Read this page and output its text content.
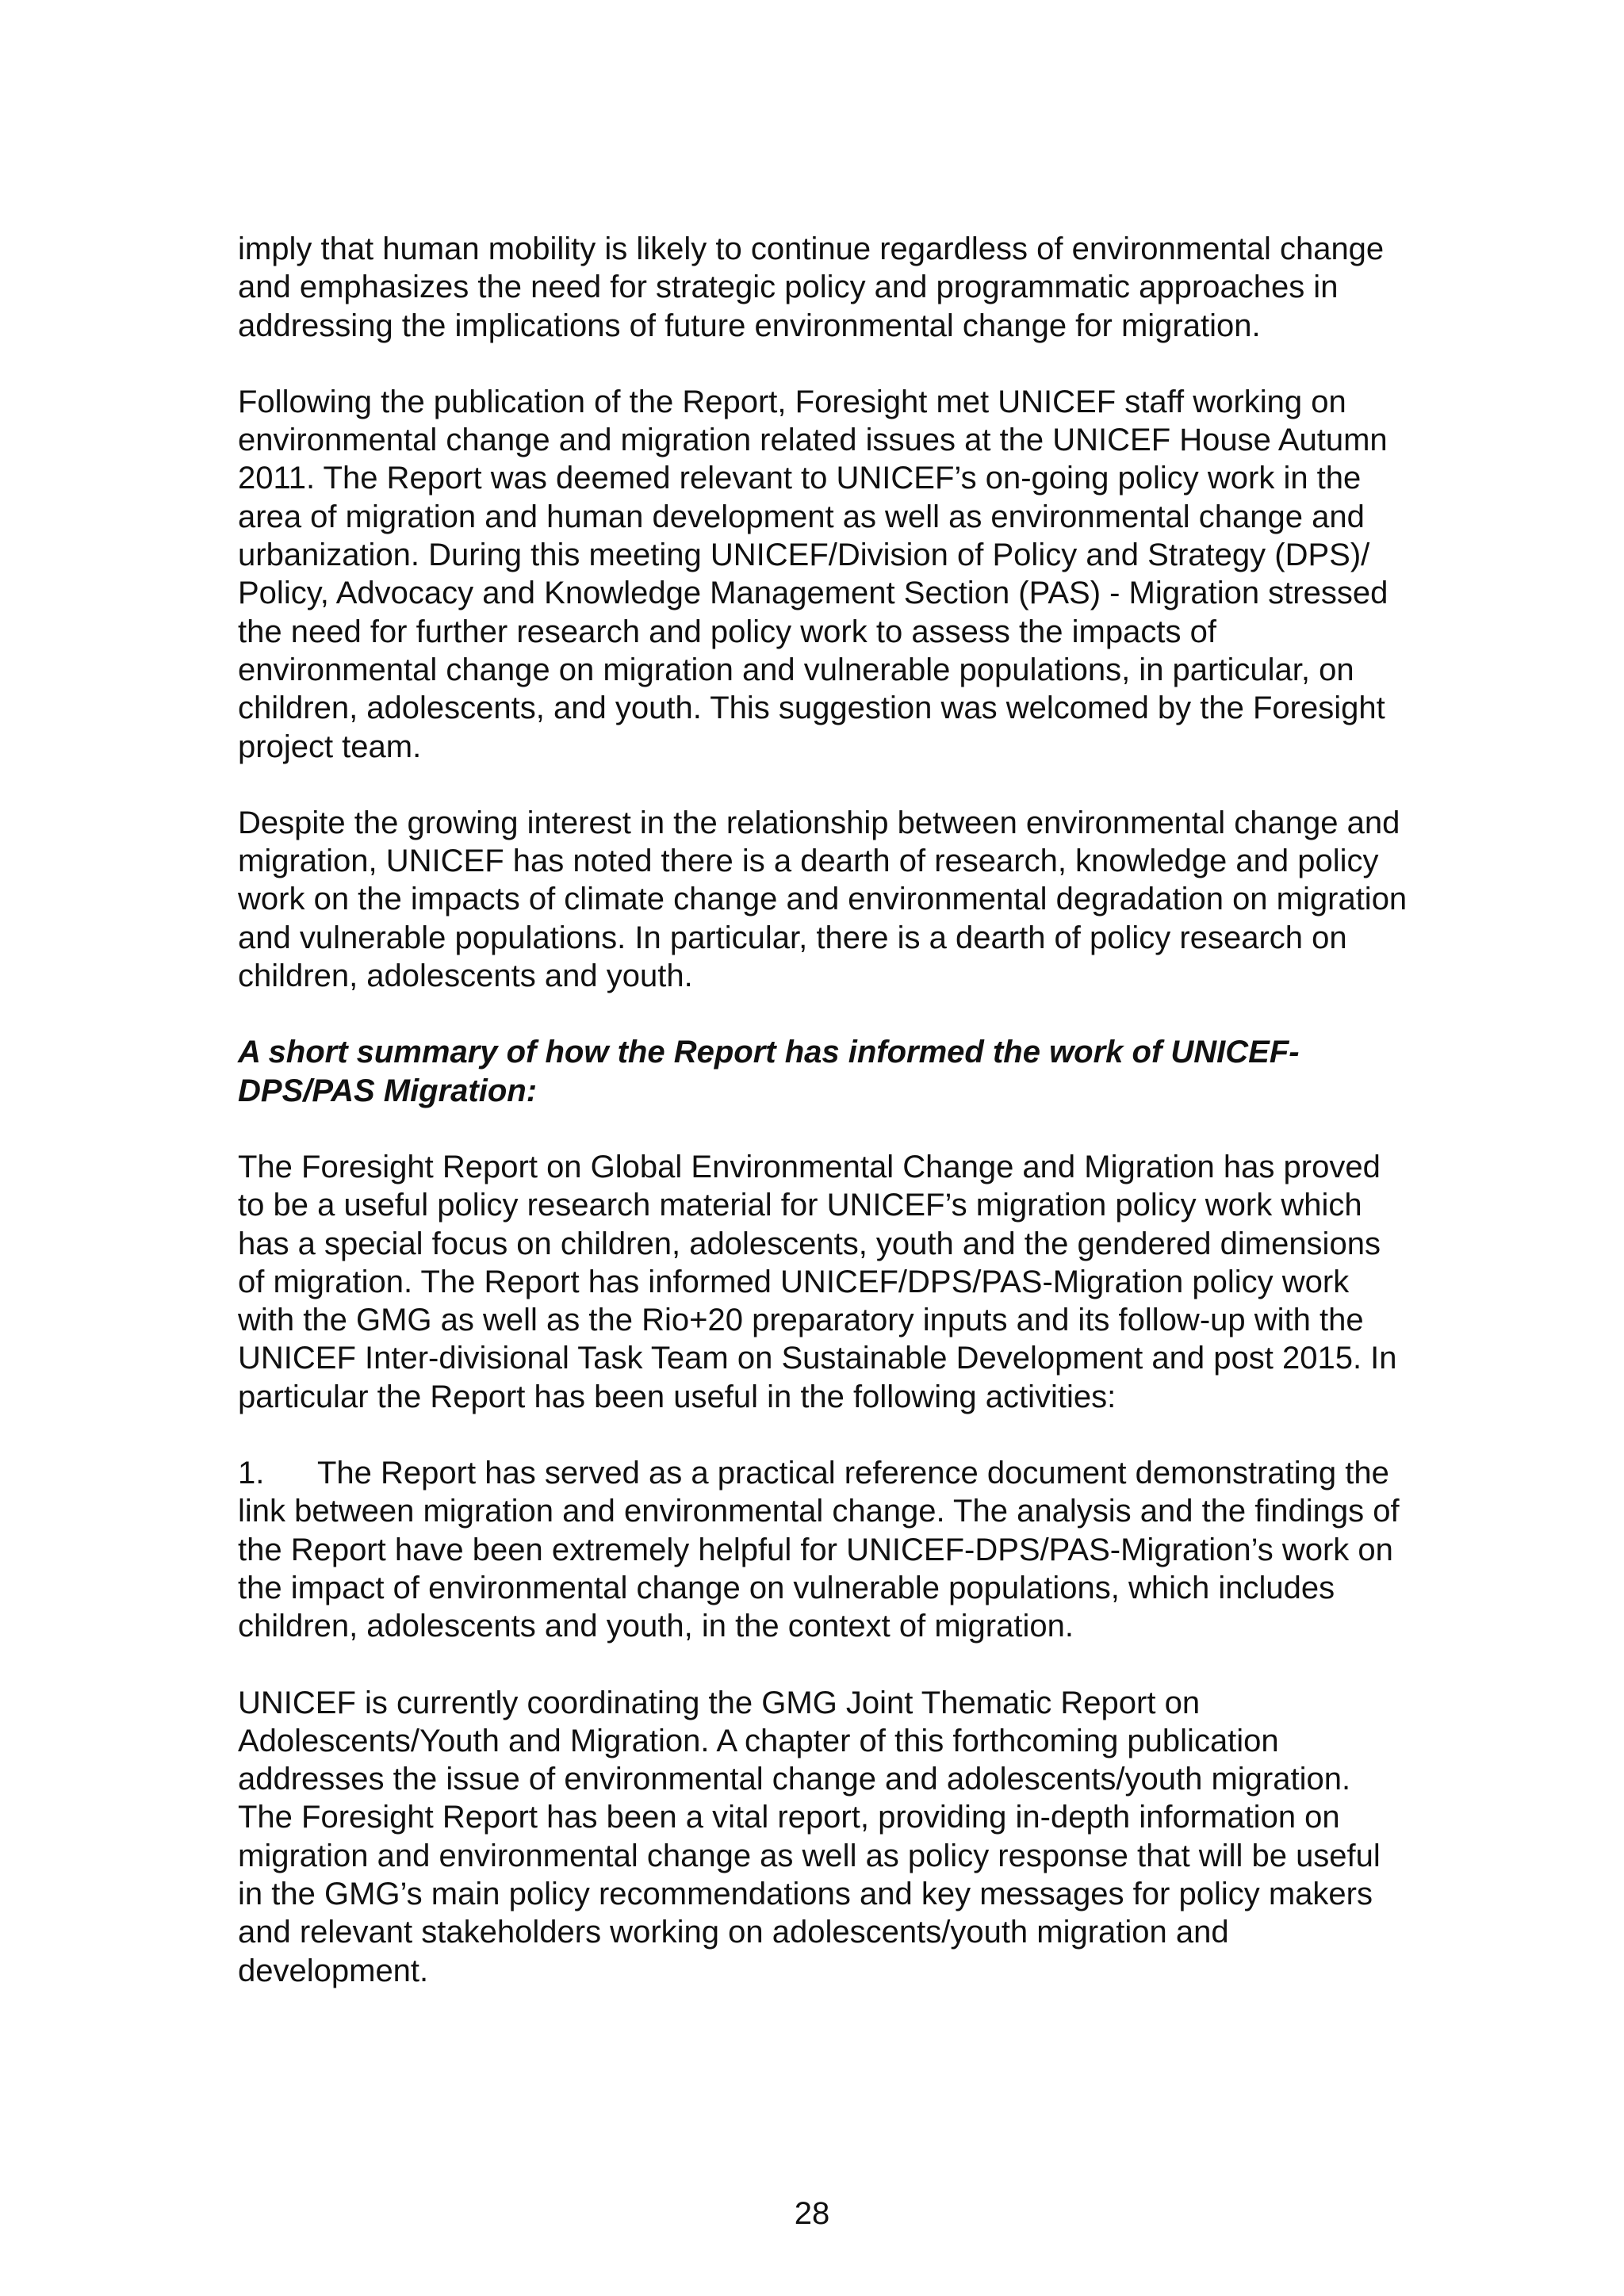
imply that human mobility is likely to continue regardless of environmental change and emphasizes the need for strategic policy and programmatic approaches in addressing the implications of future environmental change for migration.

Following the publication of the Report, Foresight met UNICEF staff working on environmental change and migration related issues at the UNICEF House Autumn 2011. The Report was deemed relevant to UNICEF’s on-going policy work in the area of migration and human development as well as environmental change and urbanization. During this meeting UNICEF/Division of Policy and Strategy (DPS)/ Policy, Advocacy and Knowledge Management Section (PAS) - Migration stressed the need for further research and policy work to assess the impacts of environmental change on migration and vulnerable populations, in particular, on children, adolescents, and youth. This suggestion was welcomed by the Foresight project team.

Despite the growing interest in the relationship between environmental change and migration, UNICEF has noted there is a dearth of research, knowledge and policy work on the impacts of climate change and environmental degradation on migration and vulnerable populations. In particular, there is a dearth of policy research on children, adolescents and youth.

A short summary of how the Report has informed the work of UNICEF-DPS/PAS Migration:

The Foresight Report on Global Environmental Change and Migration has proved to be a useful policy research material for UNICEF’s migration policy work which has a special focus on children, adolescents, youth and the gendered dimensions of migration. The Report has informed UNICEF/DPS/PAS-Migration policy work with the GMG as well as the Rio+20 preparatory inputs and its follow-up with the UNICEF Inter-divisional Task Team on Sustainable Development and post 2015. In particular the Report has been useful in the following activities:

1. The Report has served as a practical reference document demonstrating the link between migration and environmental change. The analysis and the findings of the Report have been extremely helpful for UNICEF-DPS/PAS-Migration’s work on the impact of environmental change on vulnerable populations, which includes children, adolescents and youth, in the context of migration.

UNICEF is currently coordinating the GMG Joint Thematic Report on Adolescents/Youth and Migration. A chapter of this forthcoming publication addresses the issue of environmental change and adolescents/youth migration. The Foresight Report has been a vital report, providing in-depth information on migration and environmental change as well as policy response that will be useful in the GMG’s main policy recommendations and key messages for policy makers and relevant stakeholders working on adolescents/youth migration and development.

28
